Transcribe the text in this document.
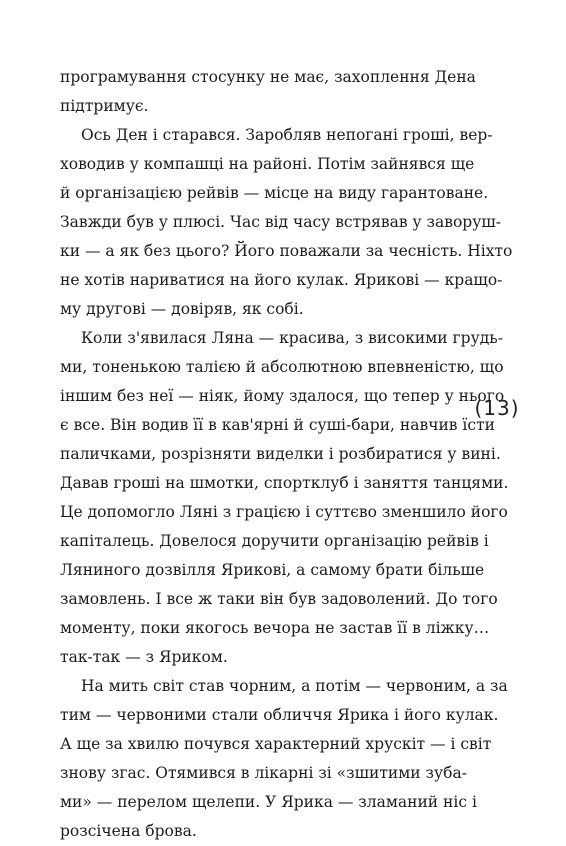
програмування стосунку не має, захоплення Дена
підтримує.

Ось Ден і старався. Заробляв непогані гроші, вер-
ховодив у компашці на районі. Потім зайнявся ще
й організацією рейвів — місце на виду гарантоване.
Завжди був у плюсі. Час від часу встрявав у заворуш-
ки — а як без цього? Його поважали за чесність. Ніхто
не хотів нариватися на його кулак. Ярикові — кращо-
му другові — довіряв, як собі.

Коли з'явилася Ляна — красива, з високими грудь-
ми, тоненькою талією й абсолютною впевненістю, що
іншим без неї — ніяк, йому здалося, що тепер у нього
є все. Він водив її в кав'ярні й суші-бари, навчив їсти
паличками, розрізняти виделки і розбиратися у вині.
Давав гроші на шмотки, спортклуб і заняття танцями.
Це допомогло Ляні з грацією і суттєво зменшило його
капіталець. Довелося доручити організацію рейвів і
Ляниного дозвілля Ярикові, а самому брати більше
замовлень. І все ж таки він був задоволений. До того
моменту, поки якогось вечора не застав її в ліжку…
так-так — з Яриком.

На мить світ став чорним, а потім — червоним, а за
тим — червоними стали обличчя Ярика і його кулак.
А ще за хвилю почувся характерний хрускіт — і світ
знову згас. Отямився в лікарні зі «зшитими зуба-
ми» — перелом щелепи. У Ярика — зламаний ніс і
розсічена брова.

(13)
